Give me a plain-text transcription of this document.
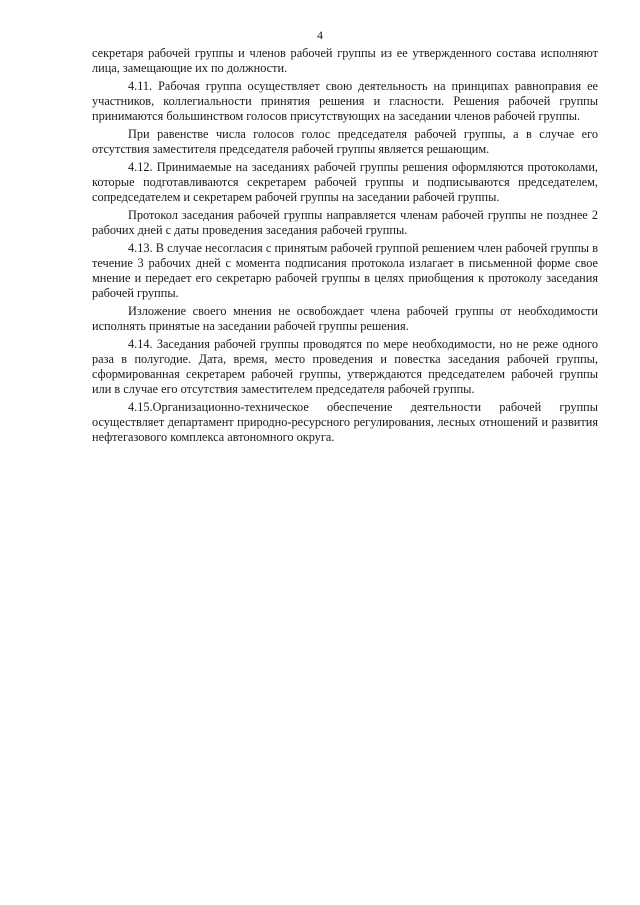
4

секретаря рабочей группы и членов рабочей группы из ее утвержденного состава исполняют лица, замещающие их по должности.

4.11. Рабочая группа осуществляет свою деятельность на принципах равноправия ее участников, коллегиальности принятия решения и гласности. Решения рабочей группы принимаются большинством голосов присутствующих на заседании членов рабочей группы.

При равенстве числа голосов голос председателя рабочей группы, а в случае его отсутствия заместителя председателя рабочей группы является решающим.

4.12. Принимаемые на заседаниях рабочей группы решения оформляются протоколами, которые подготавливаются секретарем рабочей группы и подписываются председателем, сопредседателем и секретарем рабочей группы на заседании рабочей группы.

Протокол заседания рабочей группы направляется членам рабочей группы не позднее 2 рабочих дней с даты проведения заседания рабочей группы.

4.13. В случае несогласия с принятым рабочей группой решением член рабочей группы в течение 3 рабочих дней с момента подписания протокола излагает в письменной форме свое мнение и передает его секретарю рабочей группы в целях приобщения к протоколу заседания рабочей группы.

Изложение своего мнения не освобождает члена рабочей группы от необходимости исполнять принятые на заседании рабочей группы решения.

4.14. Заседания рабочей группы проводятся по мере необходимости, но не реже одного раза в полугодие. Дата, время, место проведения и повестка заседания рабочей группы, сформированная секретарем рабочей группы, утверждаются председателем рабочей группы или в случае его отсутствия заместителем председателя рабочей группы.

4.15.Организационно-техническое обеспечение деятельности рабочей группы осуществляет департамент природно-ресурсного регулирования, лесных отношений и развития нефтегазового комплекса автономного округа.
